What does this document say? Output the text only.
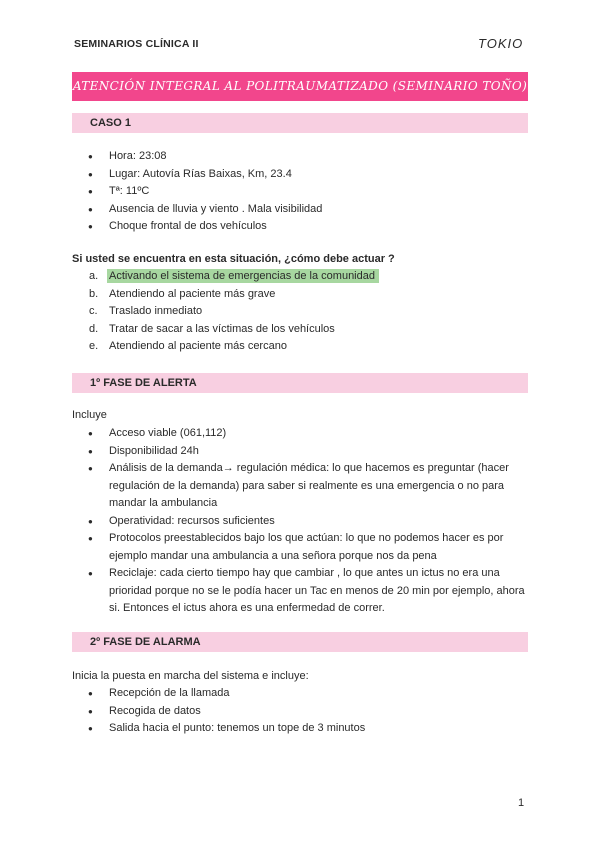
SEMINARIOS CLÍNICA II	TOKIO
ATENCIÓN INTEGRAL AL POLITRAUMATIZADO (SEMINARIO TOÑO)
CASO 1
● Hora: 23:08
● Lugar: Autovía Rías Baixas, Km, 23.4
● Tª: 11ºC
● Ausencia de lluvia y viento . Mala visibilidad
● Choque frontal de dos vehículos
Si usted se encuentra en esta situación, ¿cómo debe actuar ?
a. Activando el sistema de emergencias de la comunidad
b. Atendiendo al paciente más grave
c. Traslado inmediato
d. Tratar de sacar a las víctimas de los vehículos
e. Atendiendo al paciente más cercano
1º FASE DE ALERTA
Incluye
● Acceso viable (061,112)
● Disponibilidad 24h
● Análisis de la demanda→ regulación médica: lo que hacemos es preguntar (hacer regulación de la demanda) para saber si realmente es una emergencia o no para mandar la ambulancia
● Operatividad: recursos suficientes
● Protocolos preestablecidos bajo los que actúan: lo que no podemos hacer es por ejemplo mandar una ambulancia a una señora porque nos da pena
● Reciclaje: cada cierto tiempo hay que cambiar , lo que antes un ictus no era una prioridad porque no se le podía hacer un Tac en menos de 20 min por ejemplo, ahora si. Entonces el ictus ahora es una enfermedad de correr.
2º FASE DE ALARMA
Inicia la puesta en marcha del sistema e incluye:
● Recepción de la llamada
● Recogida de datos
● Salida hacia el punto: tenemos un tope de 3 minutos
1
